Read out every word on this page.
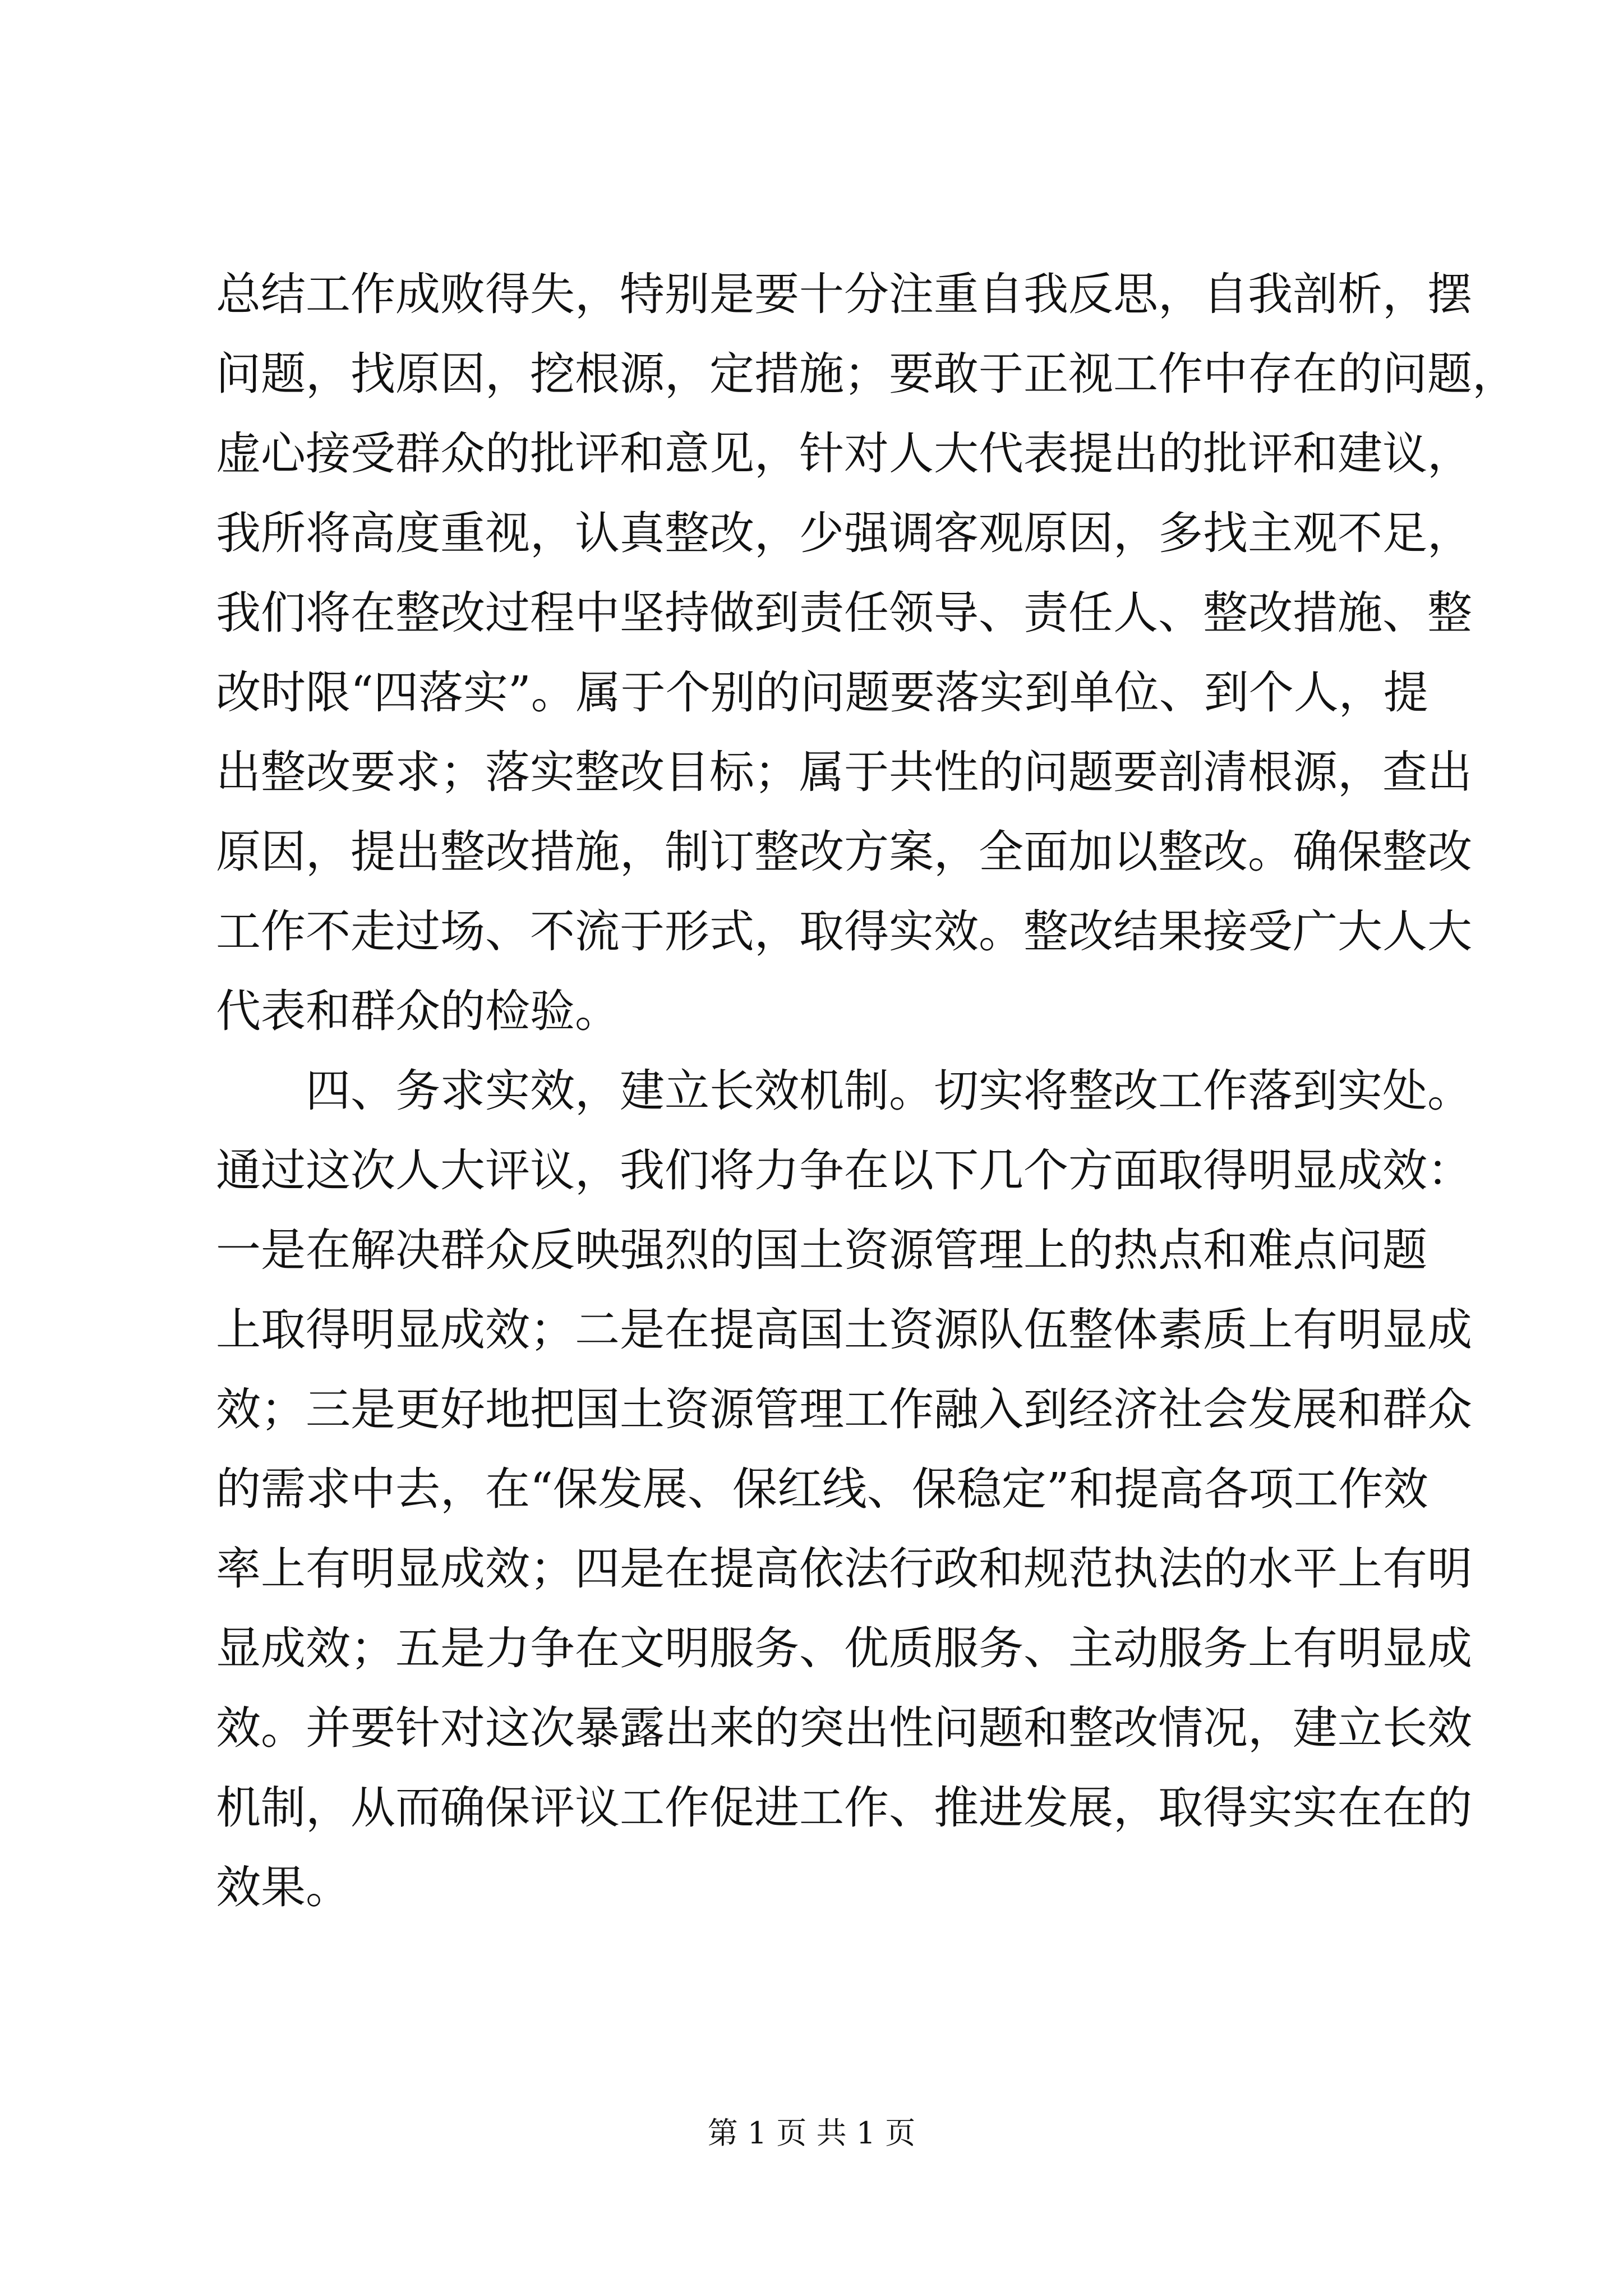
总结工作成败得失，特别是要十分注重自我反思，自我剖析，摆
问题，找原因，挖根源，定措施；要敢于正视工作中存在的问题，
虚心接受群众的批评和意见，针对人大代表提出的批评和建议，
我所将高度重视，认真整改，少强调客观原因，多找主观不足，
我们将在整改过程中坚持做到责任领导、责任人、整改措施、整
改时限“四落实”。属于个别的问题要落实到单位、到个人，提
出整改要求；落实整改目标；属于共性的问题要剖清根源，查出
原因，提出整改措施，制订整改方案，全面加以整改。确保整改
工作不走过场、不流于形式，取得实效。整改结果接受广大人大
代表和群众的检验。
四、务求实效，建立长效机制。切实将整改工作落到实处。
通过这次人大评议，我们将力争在以下几个方面取得明显成效：
一是在解决群众反映强烈的国土资源管理上的热点和难点问题
上取得明显成效；二是在提高国土资源队伍整体素质上有明显成
效；三是更好地把国土资源管理工作融入到经济社会发展和群众
的需求中去，在“保发展、保红线、保稳定”和提高各项工作效
率上有明显成效；四是在提高依法行政和规范执法的水平上有明
显成效；五是力争在文明服务、优质服务、主动服务上有明显成
效。并要针对这次暴露出来的突出性问题和整改情况，建立长效
机制，从而确保评议工作促进工作、推进发展，取得实实在在的
效果。
第 1 页 共 1 页
